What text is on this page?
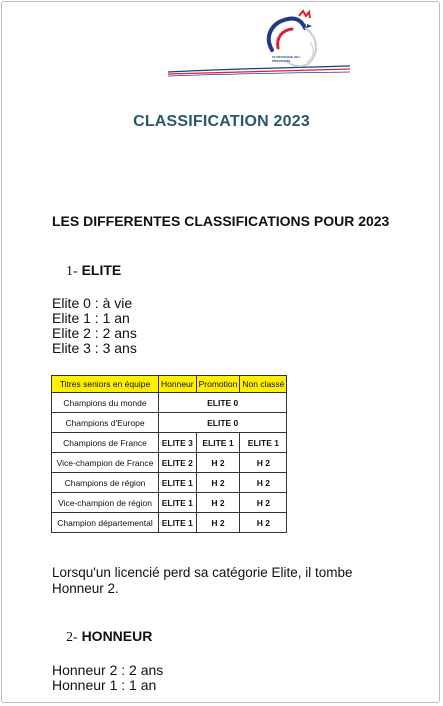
FF PÉTANQUE JEU PROVENÇAL
CLASSIFICATION 2023
LES DIFFERENTES CLASSIFICATIONS POUR 2023
1- ELITE
Elite 0 : à vie
Elite 1 : 1 an
Elite 2 : 2 ans
Elite 3 : 3 ans
Titres seniors en équipe	Honneur	Promotion	Non classé
Champions du monde	ELITE 0		
Champions d'Europe	ELITE 0		
Champions de France	ELITE 3	ELITE 1	ELITE 1
Vice-champion de France	ELITE 2	H 2	H 2
Champions de région	ELITE 1	H 2	H 2
Vice-champion de région	ELITE 1	H 2	H 2
Champion départemental	ELITE 1	H 2	H 2
Lorsqu'un licencié perd sa catégorie Elite, il tombe Honneur 2.
2- HONNEUR
Honneur 2 : 2 ans
Honneur 1 : 1 an
